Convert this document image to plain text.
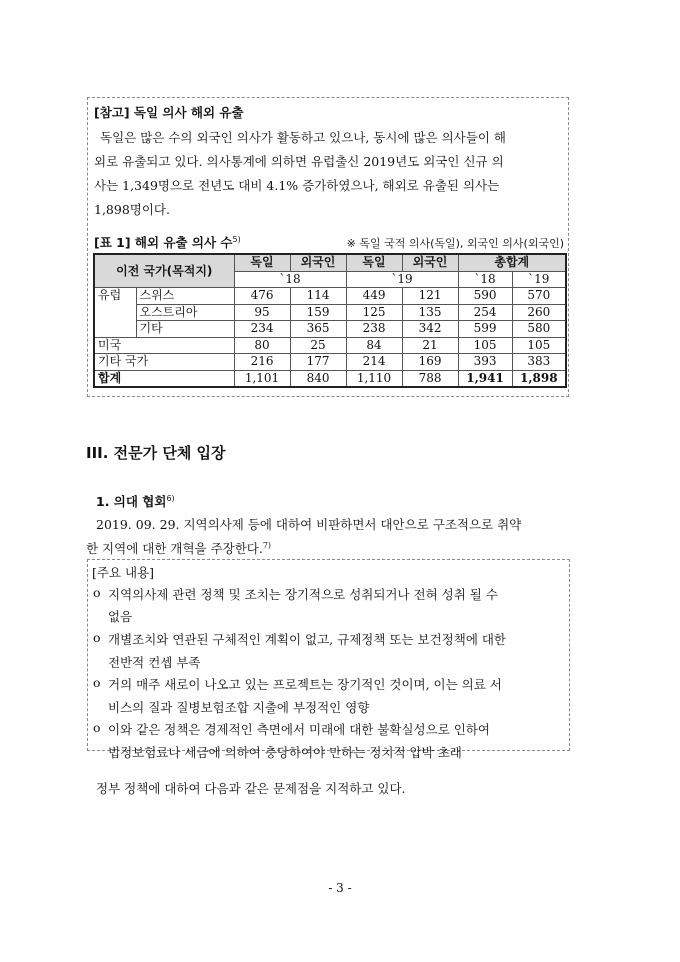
[참고] 독일 의사 해외 유출
독일은 많은 수의 외국인 의사가 활동하고 있으나, 동시에 많은 의사들이 해
외로 유출되고 있다. 의사통계에 의하면 유럽출신 2019년도 외국인 신규 의
사는 1,349명으로 전년도 대비 4.1% 증가하였으나, 해외로 유출된 의사는
1,898명이다.
[표 1] 해외 유출 의사 수$^{5)}$	※ 독일 국적 의사(독일), 외국인 의사(외국인)
이전 국가(목적지)		독일	외국인	독일	외국인	총합계	
		`18		`19		`18	`19
유럽	스위스	476	114	449	121	590	570
	오스트리아	95	159	125	135	254	260
	기타	234	365	238	342	599	580
미국		80	25	84	21	105	105
기타 국가		216	177	214	169	393	383
합계		1,101	840	1,110	788	1,941	1,898
III. 전문가 단체 입장
1. 의대 협회$^{6)}$
2019. 09. 29. 지역의사제 등에 대하여 비판하면서 대안으로 구조적으로 취약
한 지역에 대한 개혁을 주장한다.$^{7)}$
[주요 내용]
o 지역의사제 관련 정책 및 조치는 장기적으로 성취되거나 전혀 성취 될 수
없음
o 개별조치와 연관된 구체적인 계획이 없고, 규제정책 또는 보건정책에 대한
전반적 컨셉 부족
o 거의 매주 새로이 나오고 있는 프로젝트는 장기적인 것이며, 이는 의료 서
비스의 질과 질병보험조합 지출에 부정적인 영향
o 이와 같은 정책은 경제적인 측면에서 미래에 대한 불확실성으로 인하여
법정보험료나 세금에 의하여 충당하여야 만하는 정치적 압박 초래
정부 정책에 대하여 다음과 같은 문제점을 지적하고 있다.
- 3 -
